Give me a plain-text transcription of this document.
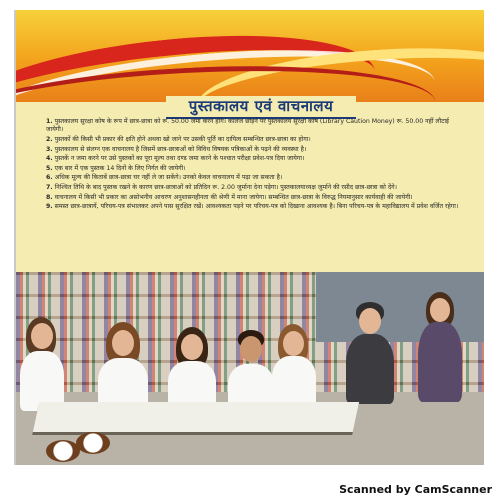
पुस्तकालय एवं वाचनालय
1. पुस्तकालय सुरक्षा कोष के रूप में छात्र-छात्रा को रू. 50.00 जमा करने होंगे। कालेज छोड़ने पर पुस्तकालय सुरक्षा कोष (Library Caution Money) रू. 50.00 नहीं लौटाई जायेगी।
2. पुस्तकों की किसी भी प्रकार की क्षति होने अथवा खो जाने पर उसकी पूर्ति का दायित्व सम्बन्धित छात्र-छात्रा का होगा।
3. पुस्तकालय से संलग्न एक वाचनालय है जिसमें छात्र-छात्राओं को विविध विषयक पत्रिकाओं के पढ़ने की व्यवस्था है।
4. पुस्तकें न जमा करने पर उसे पुस्तकों का पूरा मूल्य तथा दण्ड जमा करने के पश्चात परीक्षा प्रवेश-पत्र दिया जायेगा।
5. एक बार में एक पुस्तक 14 दिनों के लिए निर्गत की जायेगी।
6. अधिक मूल्य की किताबें छात्र-छात्रा घर नहीं ले जा सकेंगे। उनको केवल वाचनालय में पढ़ा जा सकता है।
7. निश्चित तिथि के बाद पुस्तक रखने के कारण छात्र-छात्राओं को प्रतिदिन रू. 2.00 जुर्माना देना पड़ेगा। पुस्तकालयाध्यक्ष जुर्माने की रसीद छात्र-छात्रा को देंगे।
8. वाचनालय में किसी भी प्रकार का असोभनीय आचरण अनुशासनहीनता की श्रेणी में माना जायेगा। सम्बन्धित छात्र-छात्रा के विरुद्ध नियमानुसार कार्यवाही की जायेगी।
9. समस्त छात्र-छात्रायें, परिचय-पत्र संभालकर अपने पास सुरक्षित रखें। आवश्यकता पड़ने पर परिचय-पत्र को दिखाना आवश्यक है। बिना परिचय-पत्र के महाविद्यालय में प्रवेश वर्जित रहेगा।
Scanned by CamScanner
